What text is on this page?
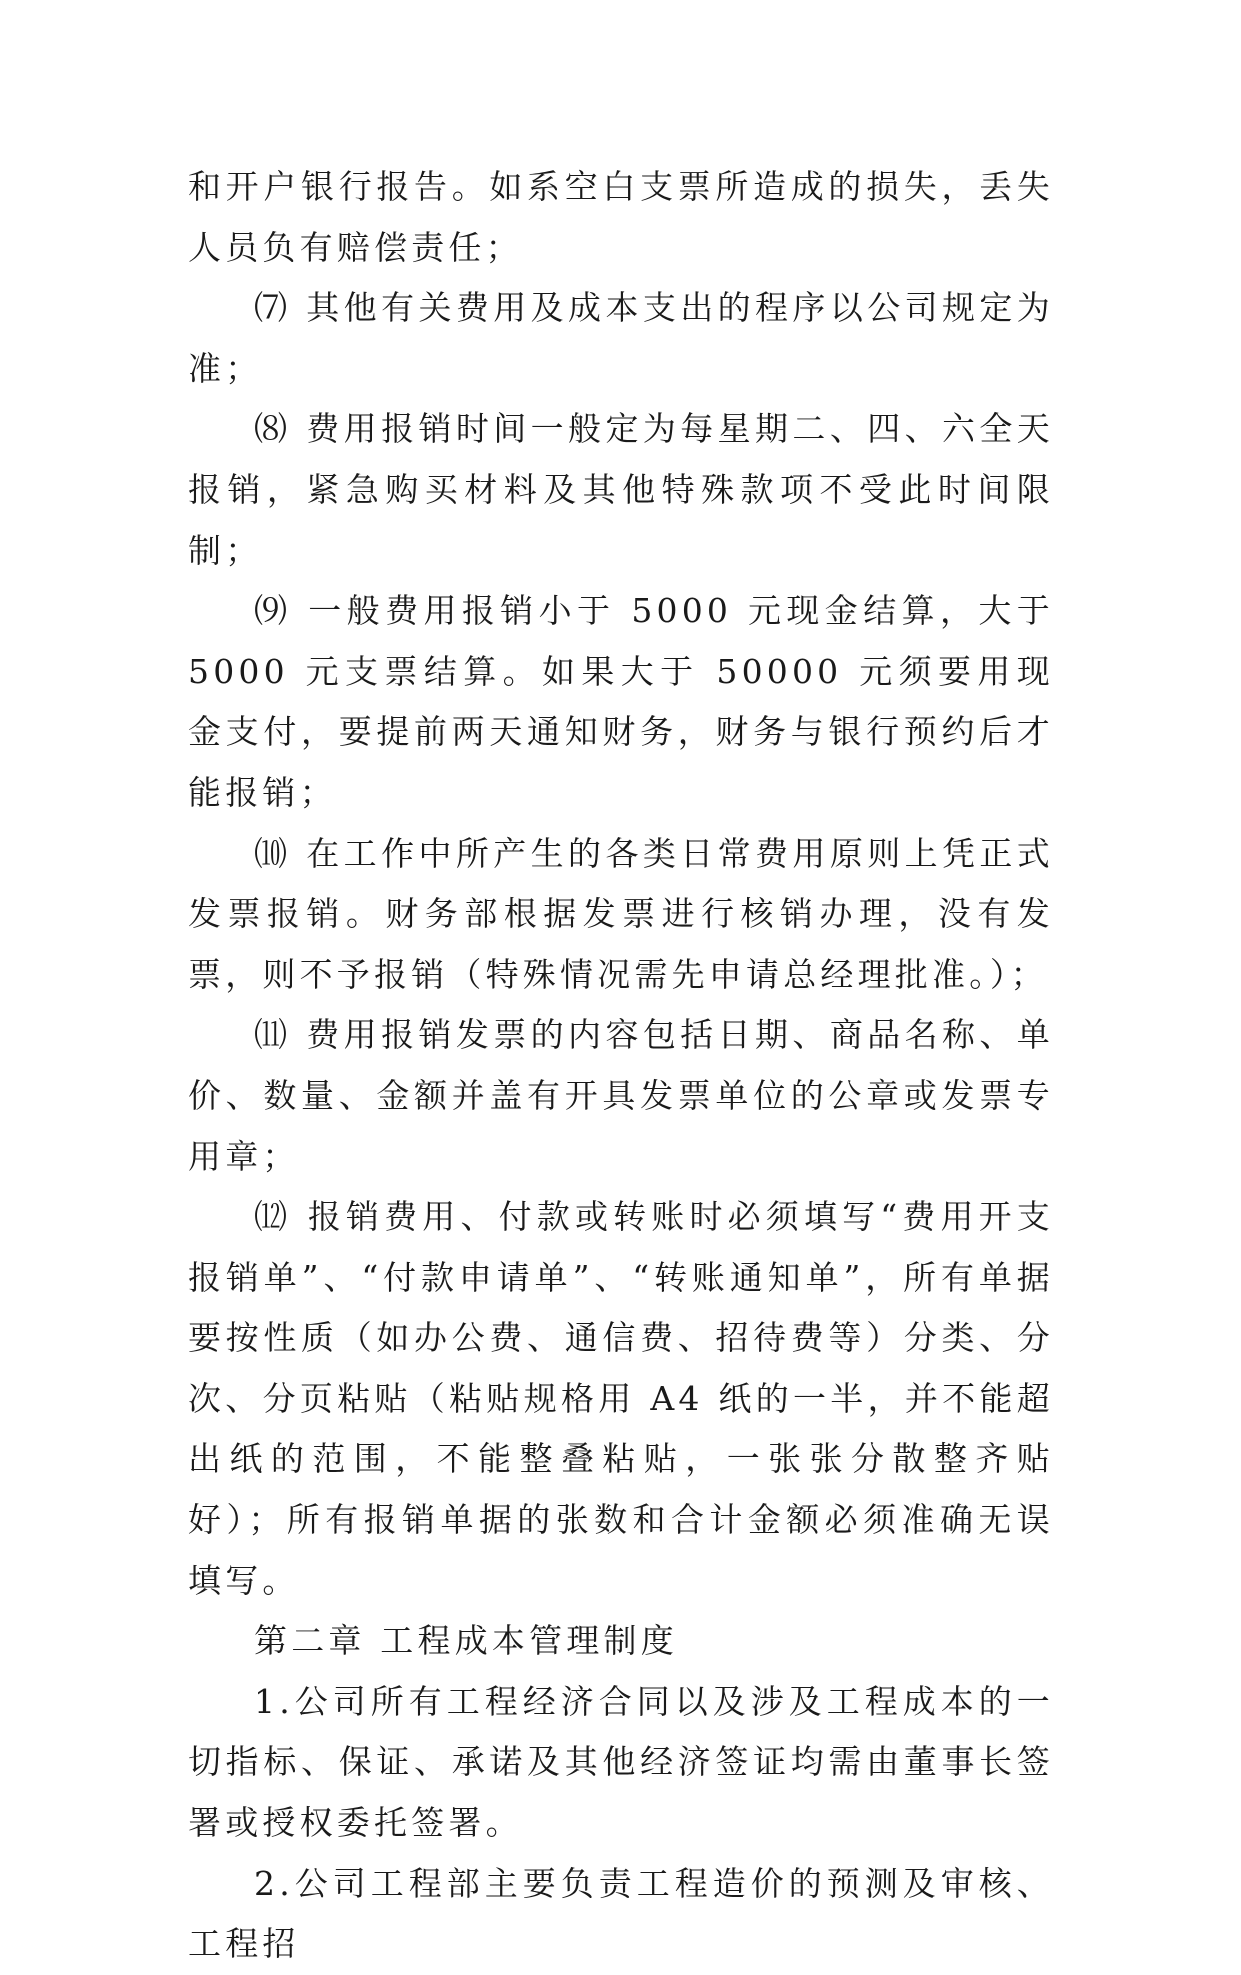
和开户银行报告。如系空白支票所造成的损失，丢失人员负有赔偿责任；

⑺ 其他有关费用及成本支出的程序以公司规定为准；

⑻ 费用报销时间一般定为每星期二、四、六全天报销，紧急购买材料及其他特殊款项不受此时间限制；

⑼ 一般费用报销小于 5000 元现金结算，大于 5000 元支票结算。如果大于 50000 元须要用现金支付，要提前两天通知财务，财务与银行预约后才能报销；

⑽ 在工作中所产生的各类日常费用原则上凭正式发票报销。财务部根据发票进行核销办理，没有发票，则不予报销（特殊情况需先申请总经理批准。）；

⑾ 费用报销发票的内容包括日期、商品名称、单价、数量、金额并盖有开具发票单位的公章或发票专用章；

⑿ 报销费用、付款或转账时必须填写“费用开支报销单”、“付款申请单”、“转账通知单”，所有单据要按性质（如办公费、通信费、招待费等）分类、分次、分页粘贴（粘贴规格用 A4 纸的一半，并不能超出纸的范围，不能整叠粘贴，一张张分散整齐贴好）；所有报销单据的张数和合计金额必须准确无误填写。

第二章 工程成本管理制度

1.公司所有工程经济合同以及涉及工程成本的一切指标、保证、承诺及其他经济签证均需由董事长签署或授权委托签署。

2.公司工程部主要负责工程造价的预测及审核、工程招
